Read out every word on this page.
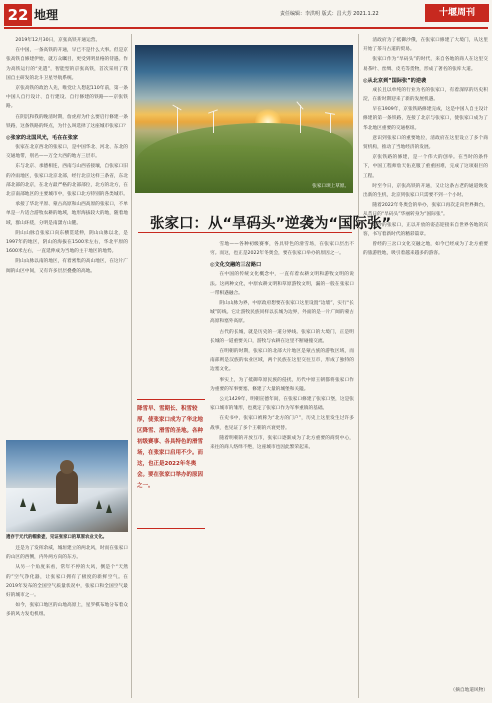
22 地理	责任编辑：李洪明 版式：昌大芳 2021.1.22	十堰周刊

2019年12月30日，京张高铁开通运营。

在中国，一条高铁的开通，早已不是什么大事。但是京张高铁自修建伊始，就万众瞩目，更受到明显格的待遇。作为高铁运行的“先遣”，智能型的京张高铁，首次采用了我国自主研发的北斗卫星导航系统。

京张高铁的政治人先，唯党让人想起110年前，第一条中国人自行设计、自行建设、自行修建的铁路——京张铁路。

在阴沉和我的晚清时期，詹虎府为什么要启行修建一条铁路，这条铁路的终点，为什么叫选择了这座城市张家口？

◎张家的北国风光，毛在在张家

张家在北京西北的张家口，是中国华北、河北、东北的交通地带，别名——万全大西的地方三层市。

东与北京、承德相连，西南与山西省接壤，自张家口旧的冷雨地区，张家口北京北部，经行北京这样三条省，东北部北部的北京，在北方最严格的北部部位，北方的北方，在北京南部地区的主要城市中，张家口北方特别的各类城市。

承接了华北平原、蒙古高原和山西高原的张家口，不单单是一片适合游牧农耕的地域，地形海拔较大的地，随着地域，群山环绕，分明是南潇方山麓。

阴山山脉自张家口向东横贯延伸，阴山山脉以北，是1997年的地区，阴山的海拔在1500米左右，华北平原的1600米左右，一直延伸成为当地的主干地区的地势。

阴山山脉以南的地区，有着密集的高山地区，在这片广阔的山区中间，又有许多层层叠叠的高地。

遗存于元代的帽象壶，见证张家口的草原农业文化。

还是为了发挥余威，城垣建立的两北风，时而在张家口的山区的西侧，内外两方向的东方。

从另一个角度来看，常年不停的大风，倒是个“天然的”空气净化器，让张家口拥有了极度的新鲜空气。在2019年发布的全国空气质量状况中，张家口和全国空气最好的城市之一。

如今，张家口地区的山地高原上，星罗棋布地分布着众多的风力发电机组。

张家口坝上草原。
张家口：从“旱码头”逆袭为“国际张”
降雪早、雪期长、积雪较厚，使张家口成为了华北地区降雪、滑雪的圣地。各种初级赛事、各具特色的滑雪场，在张家口启用不少。而这，也正是2022年冬奥会。要在张家口举办的原因之一。

雪地——各种初级赛事，各具特色的滑雪场，在张家口层出不穷。而这，也正是2022年冬奥会，要在张家口举办的原因之一。

◎文化交融的三岔路口

在中国的传统文化概念中，一直有着农耕文明和游牧文明的说法。这两种文化，中原农耕文明和草原游牧文明，漏的一般在张家口一带相遇融合。

阴山山脉为界，中原政府想要在张家口这里设置“边墙”，实行“长城”防线。它让游牧民族同样以长城为边界，外面的是一片广阔的蒙古高原和塞外高原。

古代的长城，就是历史的一道分界线。张家口的大境门，正是明长城的一道重要关口，游牧与农耕在这里不断碰撞交流。

在明朝的时期，张家口的北部大片地区是蒙古族的游牧区域，而南部则是汉族的农业区域，两个民族在这里交往互市，形成了独特的边塞文化。

事实上，为了抵御草原民族的侵扰，历代中原王朝都将张家口作为重要的军事要塞，修建了大量的城堡和关隘。

公元1429年，明朝宣德年间，在张家口修建了张家口堡，这是张家口城市的雏形，也奠定了张家口作为军事重镇的基础。

在史书中，张家口被称为“北方的门户”，历史上这里发生过许多战事，也见证了多个王朝的兴衰更替。

随着明朝的开放互市，张家口逐渐成为了北方重要的商贸中心，来往的商人络绎不绝，这座城市也因此繁荣起来。

清政府为了抵御沙俄，在张家口修建了大境门，从这里开始了茶马古道的贸易。

张家口作为“旱码头”的时代，来自各地的商人在这里交易茶叶、丝绸、皮毛等货物，形成了著名的张库大道。

◎从北京到“国际张”的逆袭

成长且以单纯的行业为名的张家口，有着深厚的历史积淀，在新时期迎来了新的发展机遇。

早在1909年，京张铁路修建完成，这是中国人自主设计修建的第一条铁路，连接了北京与张家口，使张家口成为了华北地区重要的交通枢纽。

意识到张家口的重要地位，清政府在这里设立了多个商贸机构，推动了当地经济的发展。

京张铁路的修建，是一个伟大的创举。在当时的条件下，中国工程师詹天佑克服了重重困难，完成了这项艰巨的工程。

时至今日，京张高铁的开通，又让这条古老的通道焕发出新的生机，北京到张家口只需要不到一个小时。

随着2022年冬奥会的举办，张家口再次走向世界舞台，从昔日的“旱码头”华丽转身为“国际张”。

如今的张家口，正以开放的姿态迎接来自世界各地的宾客，书写着新时代的精彩篇章。

曾经的三岔口文化交融之地，如今已经成为了北方重要的旅游胜地，吸引着越来越多的游客。

（摘自地道风物）
